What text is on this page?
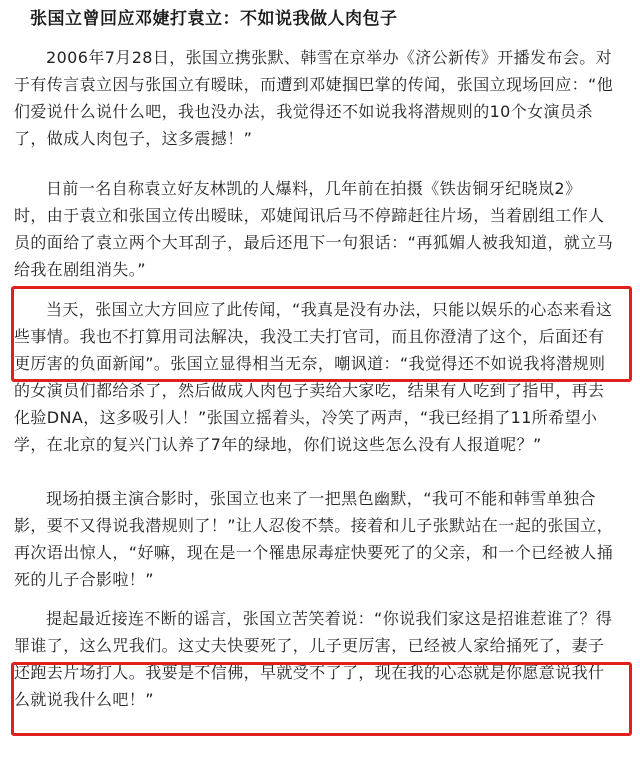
张国立曾回应邓婕打袁立：不如说我做人肉包子

2006年7月28日，张国立携张默、韩雪在京举办《济公新传》开播发布会。对于有传言袁立因与张国立有暧昧，而遭到邓婕掴巴掌的传闻，张国立现场回应：“他们爱说什么说什么吧，我也没办法，我觉得还不如说我将潜规则的10个女演员杀了，做成人肉包子，这多震撼！”

日前一名自称袁立好友林凯的人爆料，几年前在拍摄《铁齿铜牙纪晓岚2》时，由于袁立和张国立传出暧昧，邓婕闻讯后马不停蹄赶往片场，当着剧组工作人员的面给了袁立两个大耳刮子，最后还甩下一句狠话：“再狐媚人被我知道，就立马给我在剧组消失。”

当天，张国立大方回应了此传闻，“我真是没有办法，只能以娱乐的心态来看这些事情。我也不打算用司法解决，我没工夫打官司，而且你澄清了这个，后面还有更厉害的负面新闻”。张国立显得相当无奈，嘲讽道：“我觉得还不如说我将潜规则的女演员们都给杀了，然后做成人肉包子卖给大家吃，结果有人吃到了指甲，再去化验DNA，这多吸引人！”张国立摇着头，冷笑了两声，“我已经捐了11所希望小学，在北京的复兴门认养了7年的绿地，你们说这些怎么没有人报道呢？”

现场拍摄主演合影时，张国立也来了一把黑色幽默，“我可不能和韩雪单独合影，要不又得说我潜规则了！”让人忍俊不禁。接着和儿子张默站在一起的张国立，再次语出惊人，“好嘛，现在是一个罹患尿毒症快要死了的父亲，和一个已经被人捅死的儿子合影啦！”

提起最近接连不断的谣言，张国立苦笑着说：“你说我们家这是招谁惹谁了？得罪谁了，这么咒我们。这丈夫快要死了，儿子更厉害，已经被人家给捅死了，妻子还跑去片场打人。我要是不信佛，早就受不了了，现在我的心态就是你愿意说我什么就说我什么吧！”
